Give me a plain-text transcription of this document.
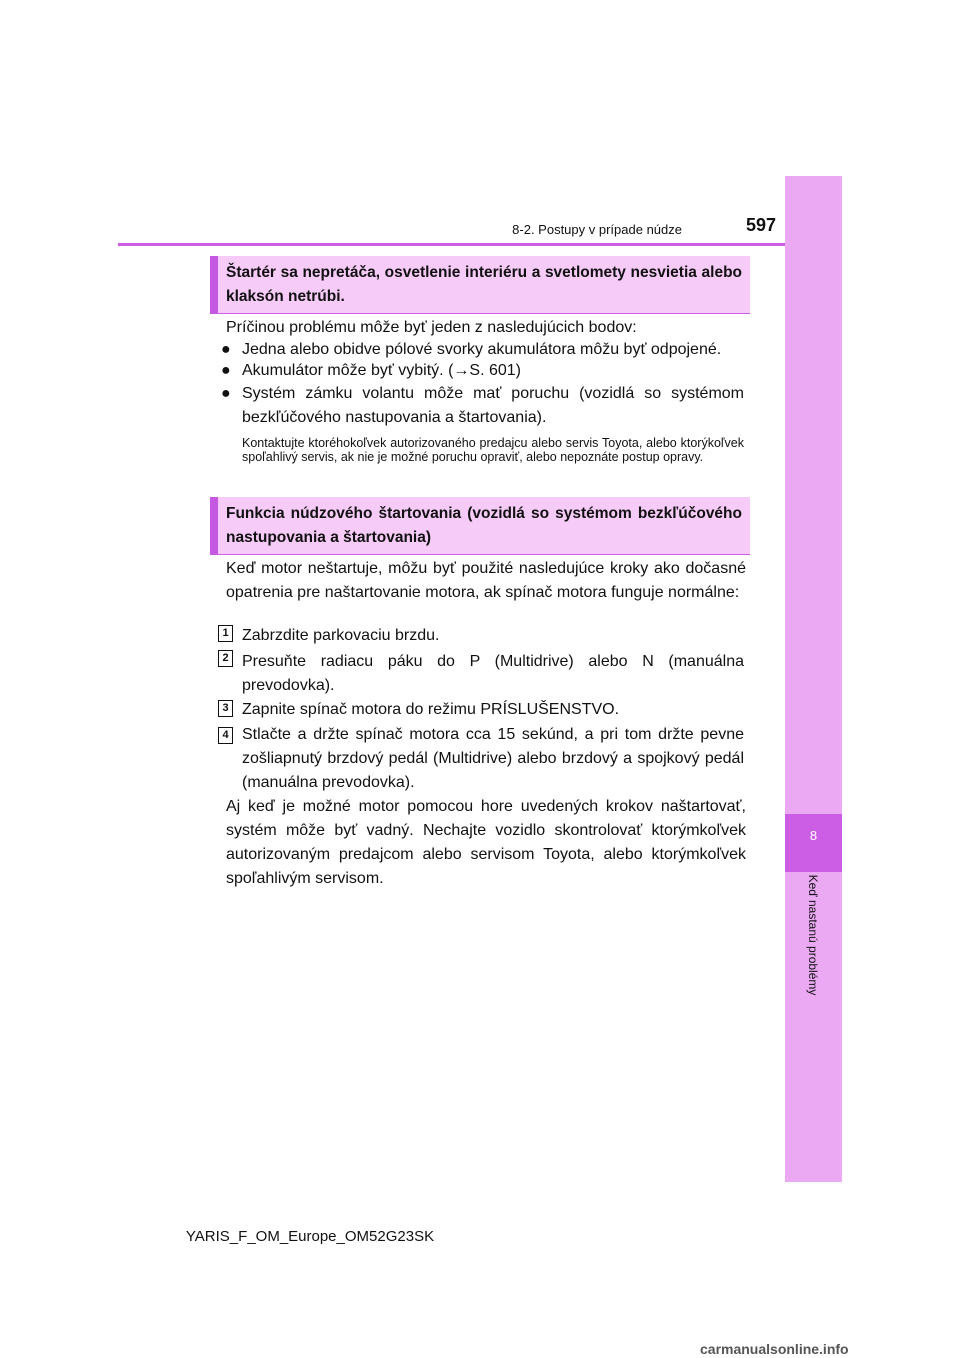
8
Keď nastanú problémy
8-2. Postupy v prípade núdze	597
Štartér sa nepretáča, osvetlenie interiéru a svetlomety nesvietia alebo klaksón netrúbi.
Príčinou problému môže byť jeden z nasledujúcich bodov:
● Jedna alebo obidve pólové svorky akumulátora môžu byť odpojené.
● Akumulátor môže byť vybitý. (→S. 601)
● Systém zámku volantu môže mať poruchu (vozidlá so systémom bezkľúčového nastupovania a štartovania).
Kontaktujte ktoréhokoľvek autorizovaného predajcu alebo servis Toyota, alebo ktorýkoľvek spoľahlivý servis, ak nie je možné poruchu opraviť, alebo nepoznáte postup opravy.
Funkcia núdzového štartovania (vozidlá so systémom bezkľúčového nastupovania a štartovania)
Keď motor neštartuje, môžu byť použité nasledujúce kroky ako dočasné opatrenia pre naštartovanie motora, ak spínač motora funguje normálne:
1 Zabrzdite parkovaciu brzdu.
2 Presuňte radiacu páku do P (Multidrive) alebo N (manuálna prevodovka).
3 Zapnite spínač motora do režimu PRÍSLUŠENSTVO.
4 Stlačte a držte spínač motora cca 15 sekúnd, a pri tom držte pevne zošliapnutý brzdový pedál (Multidrive) alebo brzdový a spojkový pedál (manuálna prevodovka).
Aj keď je možné motor pomocou hore uvedených krokov naštartovať, systém môže byť vadný. Nechajte vozidlo skontrolovať ktorýmkoľvek autorizovaným predajcom alebo servisom Toyota, alebo ktorýmkoľvek spoľahlivým servisom.
YARIS_F_OM_Europe_OM52G23SK
carmanualsonline.info
